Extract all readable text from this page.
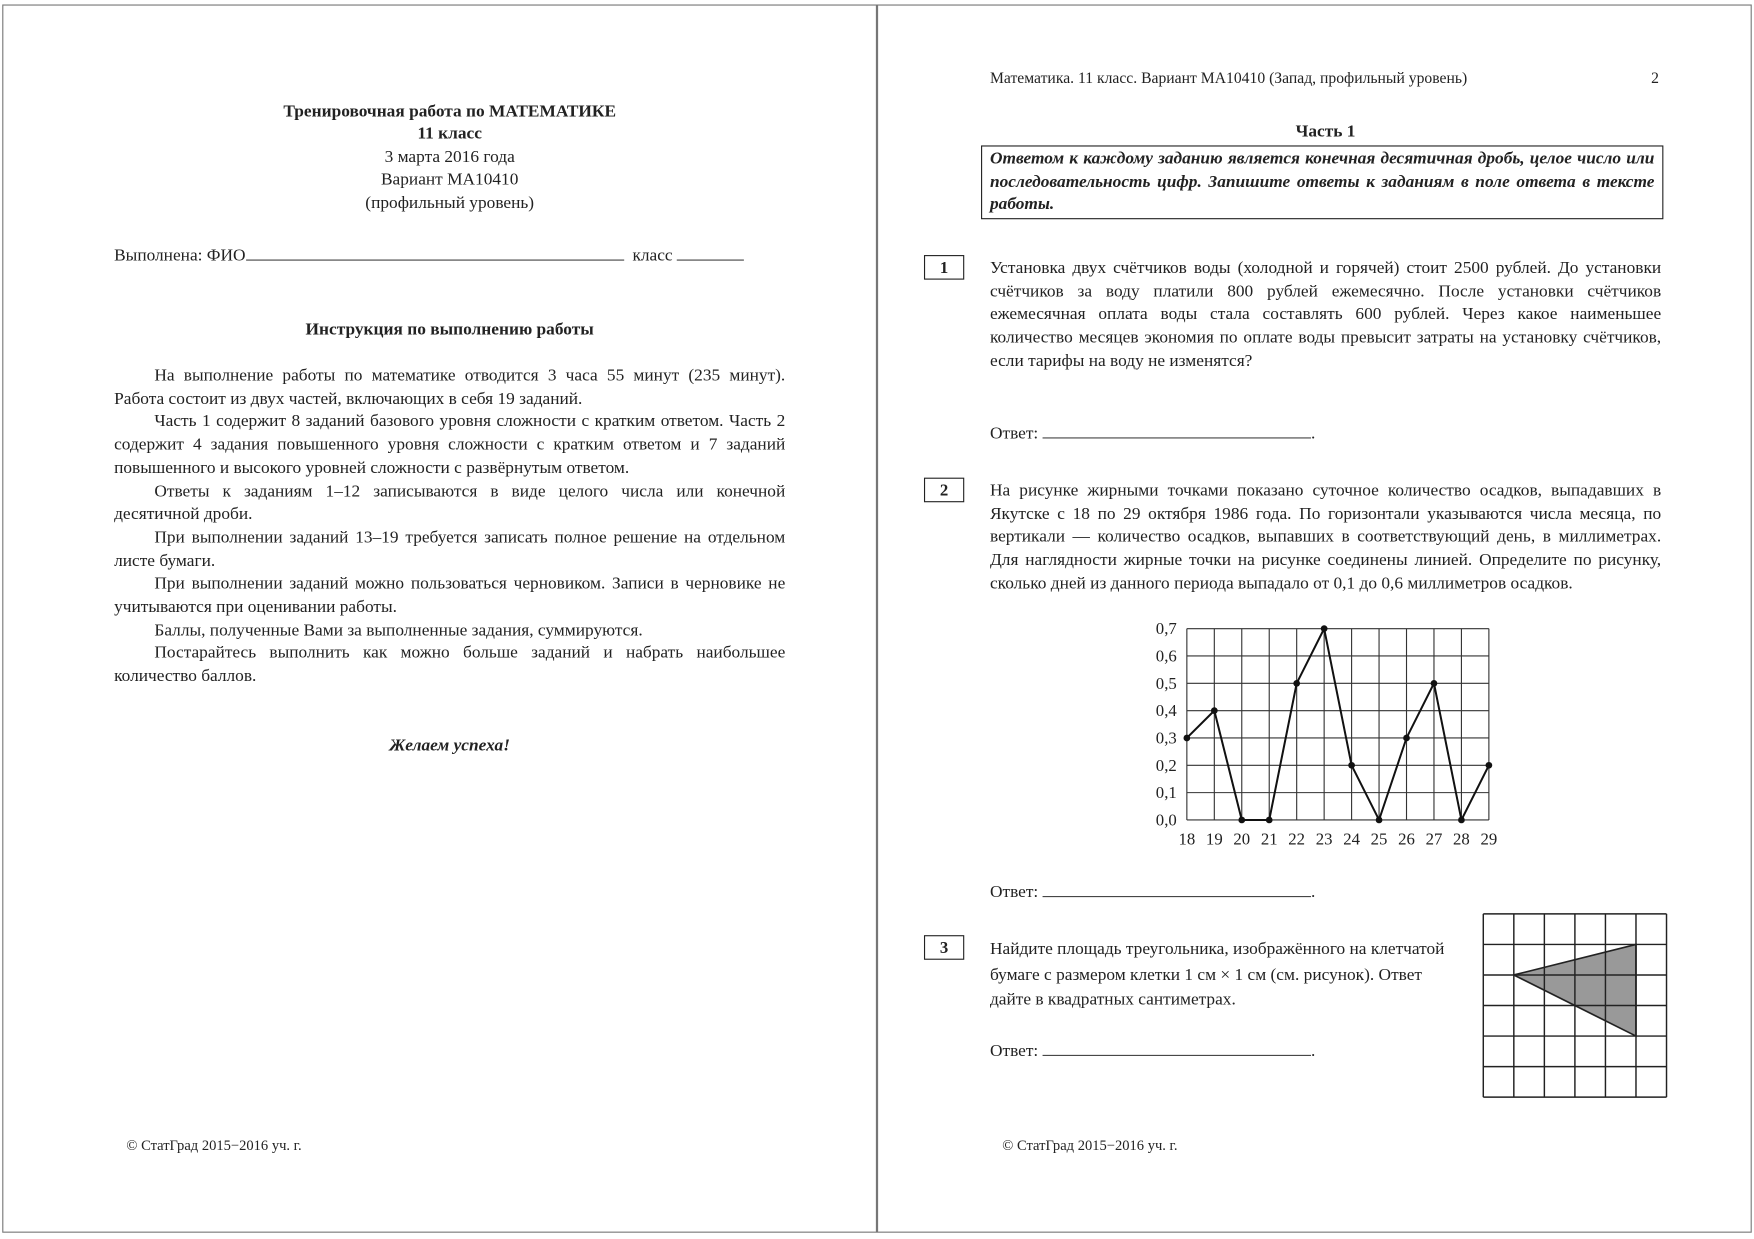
Тренировочная работа по МАТЕМАТИКЕ
11 класс
3 марта 2016 года
Вариант МА10410
(профильный уровень)
Выполнена: ФИО	класс
Инструкция по выполнению работы

На выполнение работы по математике отводится 3 часа 55 минут (235 минут). Работа состоит из двух частей, включающих в себя 19 заданий.

Часть 1 содержит 8 заданий базового уровня сложности с кратким ответом. Часть 2 содержит 4 задания повышенного уровня сложности с кратким ответом и 7 заданий повышенного и высокого уровней сложности с развёрнутым ответом.

Ответы к заданиям 1–12 записываются в виде целого числа или конечной десятичной дроби.

При выполнении заданий 13–19 требуется записать полное решение на отдельном листе бумаги.

При выполнении заданий можно пользоваться черновиком. Записи в черновике не учитываются при оценивании работы.

Баллы, полученные Вами за выполненные задания, суммируются.

Постарайтесь выполнить как можно больше заданий и набрать наибольшее количество баллов.

Желаем успеха!
© СтатГрад 2015−2016 уч. г.
Математика. 11 класс. Вариант МА10410 (Запад, профильный уровень)	2
Часть 1
Ответом к каждому заданию является конечная десятичная дробь, целое число или последовательность цифр. Запишите ответы к заданиям в поле ответа в тексте работы.
1	Установка двух счётчиков воды (холодной и горячей) стоит 2500 рублей. До установки счётчиков за воду платили 800 рублей ежемесячно. После установки счётчиков ежемесячная оплата воды стала составлять 600 рублей. Через какое наименьшее количество месяцев экономия по оплате воды превысит затраты на установку счётчиков, если тарифы на воду не изменятся?
Ответ:	.
2	На рисунке жирными точками показано суточное количество осадков, выпадавших в Якутске с 18 по 29 октября 1986 года. По горизонтали указываются числа месяца, по вертикали — количество осадков, выпавших в соответствующий день, в миллиметрах. Для наглядности жирные точки на рисунке соединены линией. Определите по рисунку, сколько дней из данного периода выпадало от 0,1 до 0,6 миллиметров осадков.
18 19 20 21 22 23 24 25 26 27 28 29
0,0
0,1
0,2
0,3
0,4
0,5
0,6
0,7
Ответ:	.
3	Найдите площадь треугольника, изображённого на клетчатой бумаге с размером клетки 1 см × 1 см (см. рисунок). Ответ дайте в квадратных сантиметрах.
Ответ:	.
© СтатГрад 2015−2016 уч. г.
